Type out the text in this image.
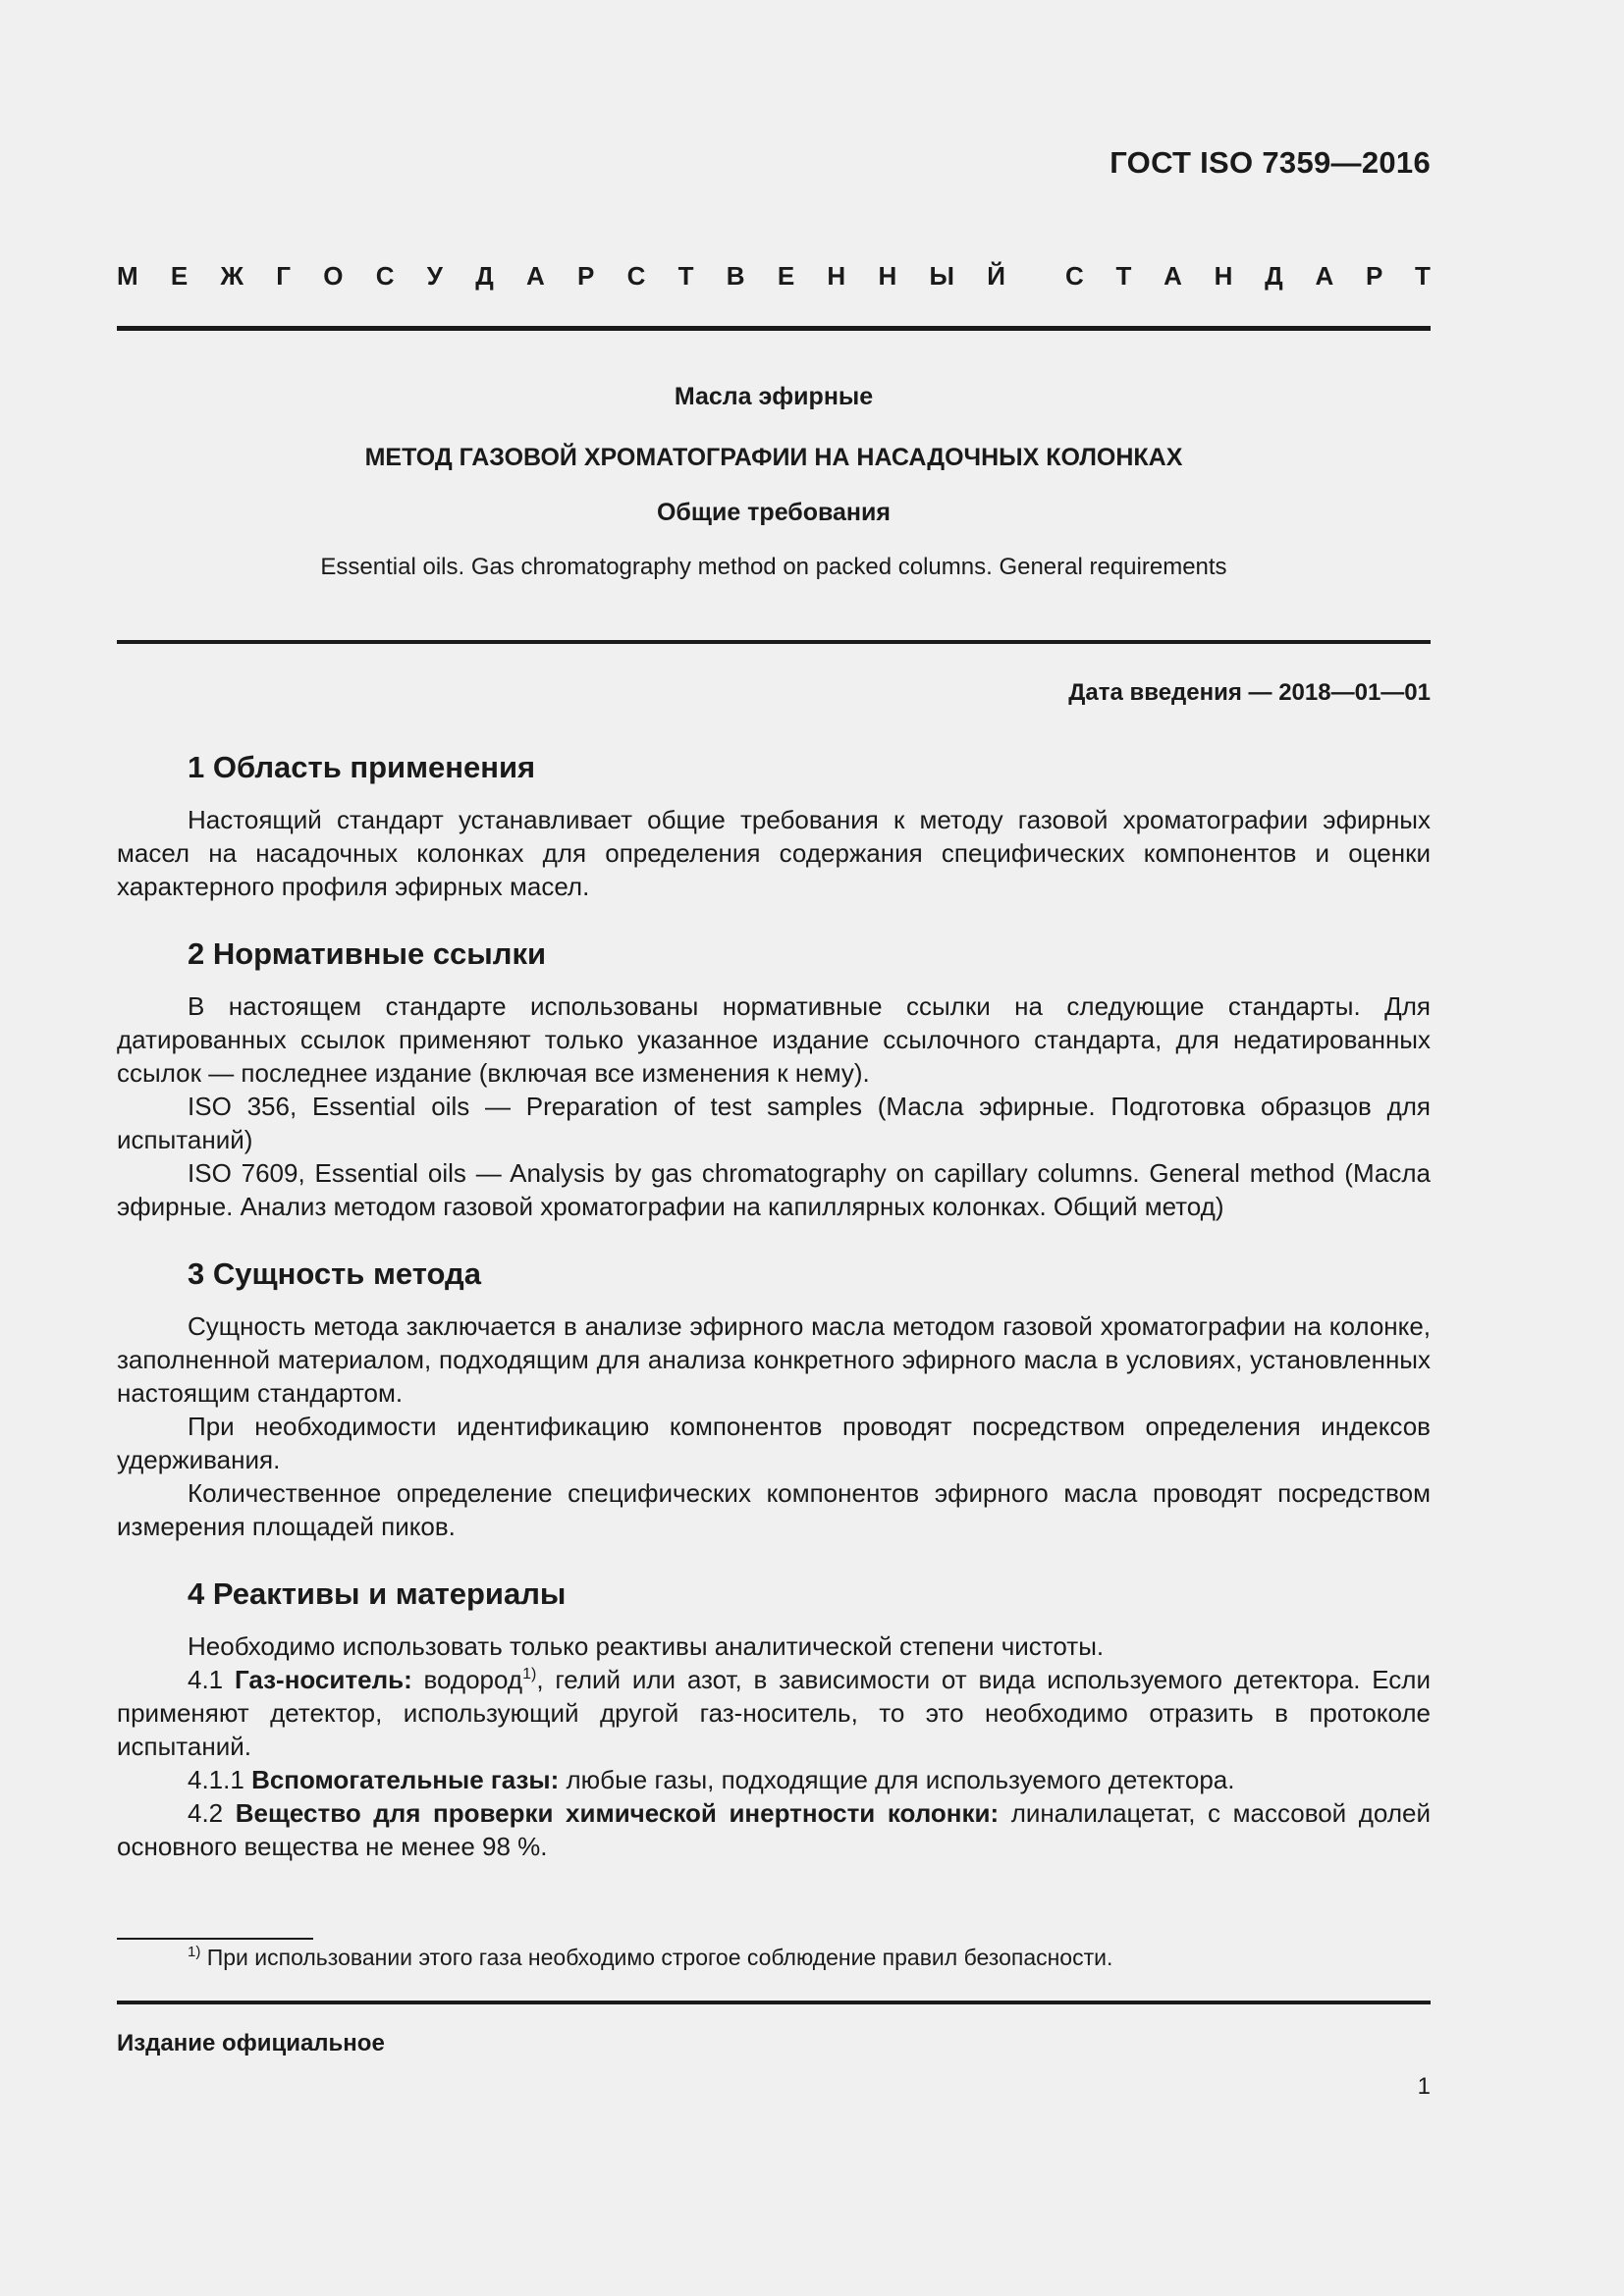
ГОСТ ISO 7359—2016
М Е Ж Г О С У Д А Р С Т В Е Н Н Ы Й С Т А Н Д А Р Т
Масла эфирные
МЕТОД ГАЗОВОЙ ХРОМАТОГРАФИИ НА НАСАДОЧНЫХ КОЛОНКАХ
Общие требования
Essential oils. Gas chromatography method on packed columns. General requirements
Дата введения — 2018—01—01
1 Область применения

Настоящий стандарт устанавливает общие требования к методу газовой хроматографии эфирных масел на насадочных колонках для определения содержания специфических компонентов и оценки характерного профиля эфирных масел.

2 Нормативные ссылки

В настоящем стандарте использованы нормативные ссылки на следующие стандарты. Для датированных ссылок применяют только указанное издание ссылочного стандарта, для недатированных ссылок — последнее издание (включая все изменения к нему).

ISO 356, Essential oils — Preparation of test samples (Масла эфирные. Подготовка образцов для испытаний)

ISO 7609, Essential oils — Analysis by gas chromatography on capillary columns. General method (Масла эфирные. Анализ методом газовой хроматографии на капиллярных колонках. Общий метод)

3 Сущность метода

Сущность метода заключается в анализе эфирного масла методом газовой хроматографии на колонке, заполненной материалом, подходящим для анализа конкретного эфирного масла в условиях, установленных настоящим стандартом.

При необходимости идентификацию компонентов проводят посредством определения индексов удерживания.

Количественное определение специфических компонентов эфирного масла проводят посредством измерения площадей пиков.

4 Реактивы и материалы

Необходимо использовать только реактивы аналитической степени чистоты.

4.1 Газ-носитель: водород$^{1)}$, гелий или азот, в зависимости от вида используемого детектора. Если применяют детектор, использующий другой газ-носитель, то это необходимо отразить в протоколе испытаний.

4.1.1 Вспомогательные газы: любые газы, подходящие для используемого детектора.

4.2 Вещество для проверки химической инертности колонки: линалилацетат, с массовой долей основного вещества не менее 98 %.

$^{1)}$ При использовании этого газа необходимо строгое соблюдение правил безопасности.
Издание официальное
1
